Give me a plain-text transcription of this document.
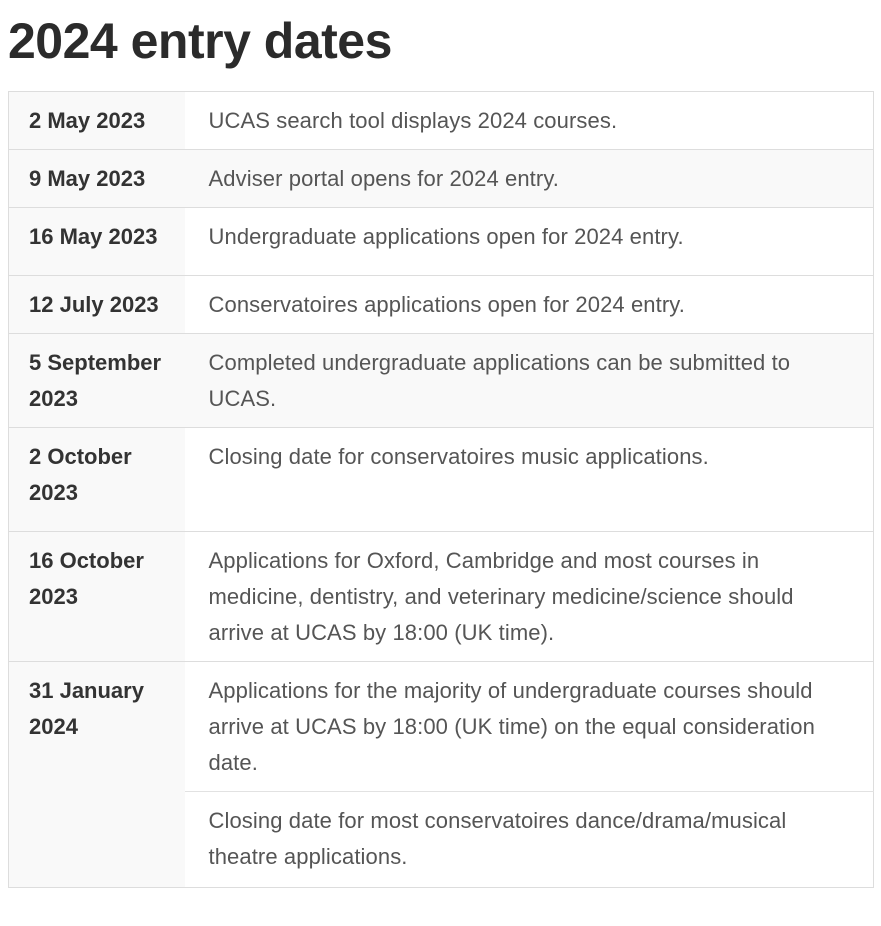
2024 entry dates
2 May 2023	UCAS search tool displays 2024 courses.
9 May 2023	Adviser portal opens for 2024 entry.
16 May 2023	Undergraduate applications open for 2024 entry.
12 July 2023	Conservatoires applications open for 2024 entry.
5 September 2023	Completed undergraduate applications can be submitted to UCAS.
2 October 2023	Closing date for conservatoires music applications.
16 October 2023	Applications for Oxford, Cambridge and most courses in medicine, dentistry, and veterinary medicine/science should arrive at UCAS by 18:00 (UK time).
31 January 2024	Applications for the majority of undergraduate courses should arrive at UCAS by 18:00 (UK time) on the equal consideration date.
	Closing date for most conservatoires dance/drama/musical theatre applications.
